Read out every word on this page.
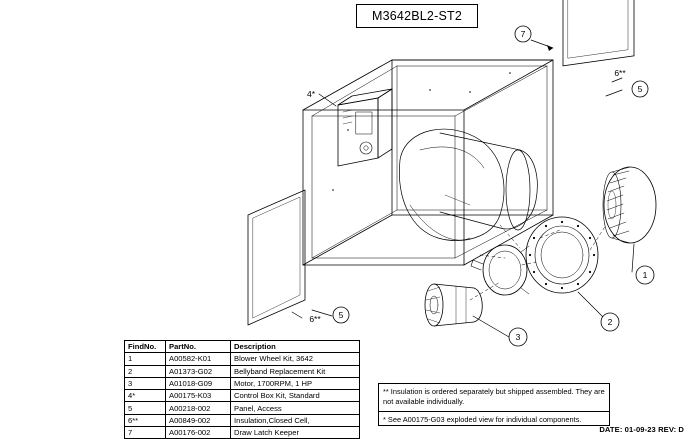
M3642BL2-ST2
7
6**
5
4*
6** 5
1
2
3
FindNo.	PartNo.	Description
1	A00582-K01	Blower Wheel Kit, 3642
2	A01373-G02	Bellyband Replacement Kit
3	A01018-G09	Motor, 1700RPM, 1 HP
4*	A00175-K03	Control Box Kit, Standard
5	A00218-002	Panel, Access
6**	A00849-002	Insulation,Closed Cell,
7	A00176-002	Draw Latch Keeper
** Insulation is ordered separately but shipped assembled. They are not available individually.
* See A00175-G03 exploded view for individual components.
DATE: 01-09-23 REV: D
